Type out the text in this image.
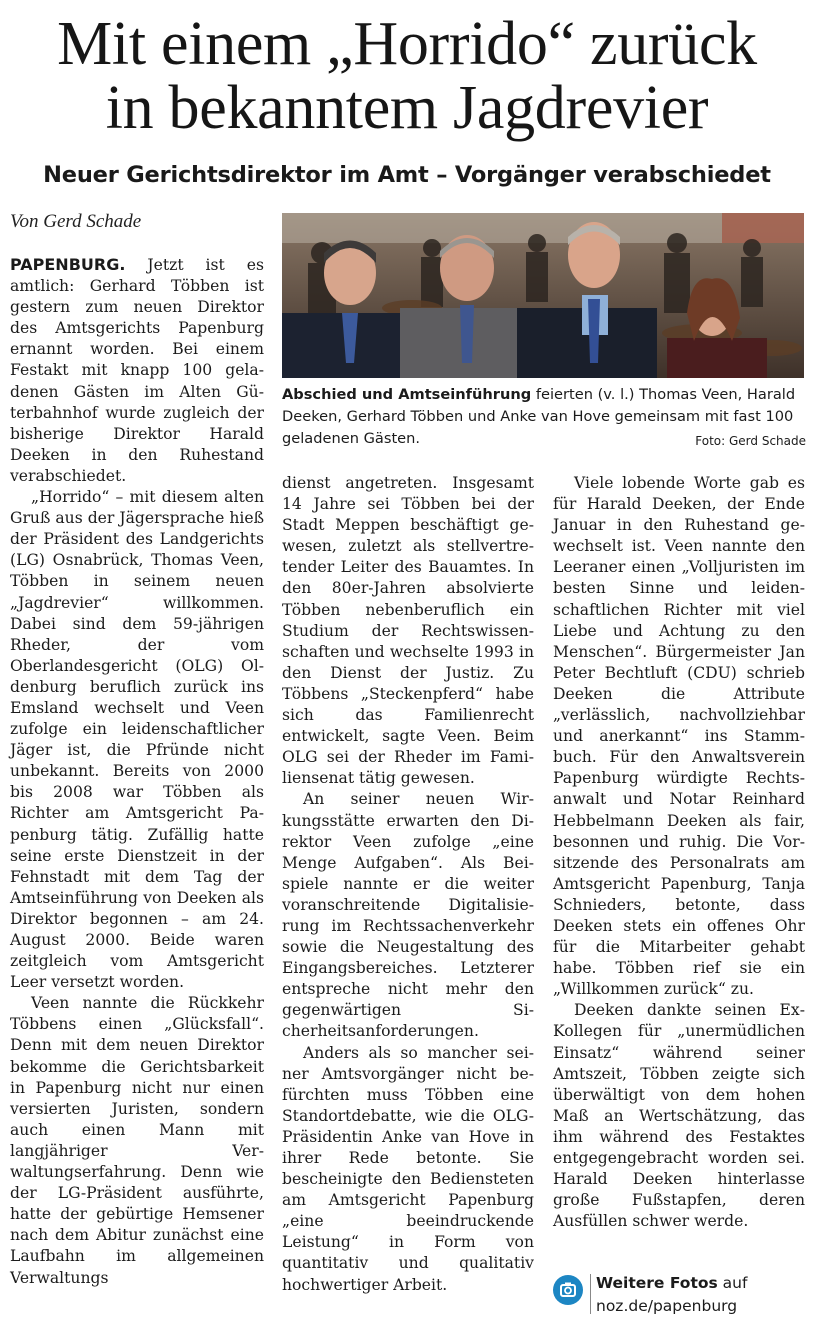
Mit einem „Horrido“ zurück
in bekanntem Jagdrevier
Neuer Gerichtsdirektor im Amt – Vorgänger verabschiedet
Von Gerd Schade
Abschied und Amtseinführung feierten (v. l.) Thomas Veen, Harald Deeken, Gerhard Többen und Anke van Hove gemeinsam mit fast 100 geladenen Gästen.	Foto: Gerd Schade

PAPENBURG. Jetzt ist es amtlich: Gerhard Többen ist gestern zum neuen Direktor des Amtsgerichts Papenburg ernannt worden. Bei einem Festakt mit knapp 100 geladenen Gästen im Alten Güterbahnhof wurde zugleich der bisherige Direktor Harald Deeken in den Ruhestand verabschiedet.

„Horrido“ – mit diesem alten Gruß aus der Jägersprache hieß der Präsident des Landgerichts (LG) Osnabrück, Thomas Veen, Többen in seinem neuen „Jagdrevier“ willkommen. Dabei sind dem 59-jährigen Rheder, der vom Oberlandesgericht (OLG) Oldenburg beruflich zurück ins Emsland wechselt und Veen zufolge ein leidenschaftlicher Jäger ist, die Pfründe nicht unbekannt. Bereits von 2000 bis 2008 war Többen als Richter am Amtsgericht Papenburg tätig. Zufällig hatte seine erste Dienstzeit in der Fehnstadt mit dem Tag der Amtseinführung von Deeken als Direktor begonnen – am 24. August 2000. Beide waren zeitgleich vom Amtsgericht Leer versetzt worden.

Veen nannte die Rückkehr Többens einen „Glücksfall“. Denn mit dem neuen Direktor bekomme die Gerichtsbarkeit in Papenburg nicht nur einen versierten Juristen, sondern auch einen Mann mit langjähriger Verwaltungserfahrung. Denn wie der LG-Präsident ausführte, hatte der gebürtige Hemsener nach dem Abitur zunächst eine Laufbahn im allgemeinen Verwaltungs

dienst angetreten. Insgesamt 14 Jahre sei Többen bei der Stadt Meppen beschäftigt gewesen, zuletzt als stellvertretender Leiter des Bauamtes. In den 80er-Jahren absolvierte Többen nebenberuflich ein Studium der Rechtswissenschaften und wechselte 1993 in den Dienst der Justiz. Zu Többens „Steckenpferd“ habe sich das Familienrecht entwickelt, sagte Veen. Beim OLG sei der Rheder im Familiensenat tätig gewesen.

An seiner neuen Wirkungsstätte erwarten den Direktor Veen zufolge „eine Menge Aufgaben“. Als Beispiele nannte er die weiter voranschreitende Digitalisierung im Rechtssachenverkehr sowie die Neugestaltung des Eingangsbereiches. Letzterer entspreche nicht mehr den gegenwärtigen Sicherheitsanforderungen.

Anders als so mancher seiner Amtsvorgänger nicht befürchten muss Többen eine Standortdebatte, wie die OLG-Präsidentin Anke van Hove in ihrer Rede betonte. Sie bescheinigte den Bediensteten am Amtsgericht Papenburg „eine beeindruckende Leistung“ in Form von quantitativ und qualitativ hochwertiger Arbeit.

Viele lobende Worte gab es für Harald Deeken, der Ende Januar in den Ruhestand gewechselt ist. Veen nannte den Leeraner einen „Volljuristen im besten Sinne und leidenschaftlichen Richter mit viel Liebe und Achtung zu den Menschen“. Bürgermeister Jan Peter Bechtluft (CDU) schrieb Deeken die Attribute „verlässlich, nachvollziehbar und anerkannt“ ins Stammbuch. Für den Anwaltsverein Papenburg würdigte Rechtsanwalt und Notar Reinhard Hebbelmann Deeken als fair, besonnen und ruhig. Die Vorsitzende des Personalrats am Amtsgericht Papenburg, Tanja Schnieders, betonte, dass Deeken stets ein offenes Ohr für die Mitarbeiter gehabt habe. Többen rief sie ein „Willkommen zurück“ zu.

Deeken dankte seinen ExKollegen für „unermüdlichen Einsatz“ während seiner Amtszeit, Többen zeigte sich überwältigt von dem hohen Maß an Wertschätzung, das ihm während des Festaktes entgegengebracht worden sei. Harald Deeken hinterlasse große Fußstapfen, deren Ausfüllen schwer werde.

Weitere Fotos auf
noz.de/papenburg
